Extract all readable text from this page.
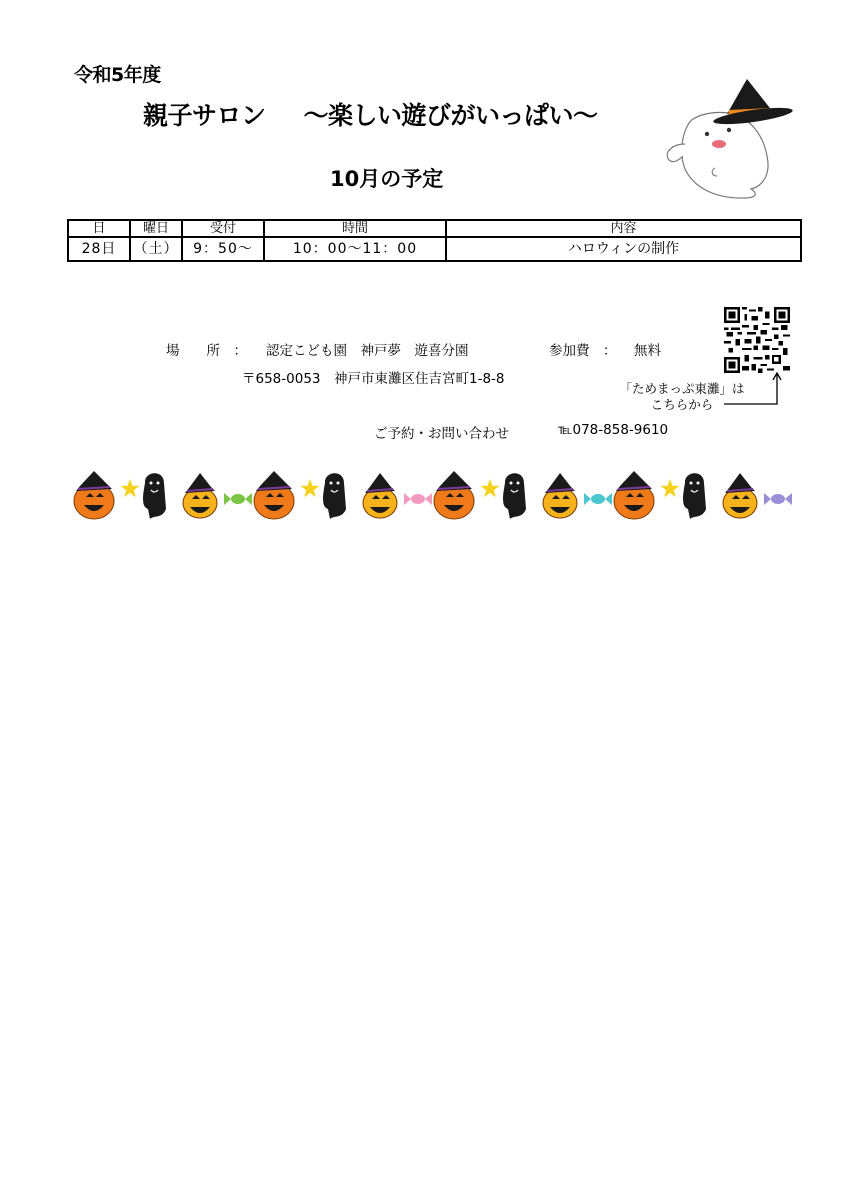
令和5年度
親子サロン ～楽しい遊びがいっぱい～
10月の予定
日	曜日	受付	時間	内容
28日	（土）	9：50～	10：00～11：00	ハロウィンの制作
場　　所　： 認定こども園　神戸夢　遊喜分園	参加費　： 無料
〒658‐0053　神戸市東灘区住吉宮町1‐8‐8
ご予約・お問い合わせ	℡078‐858‐9610
「ためまっぷ東灘」は
こちらから
